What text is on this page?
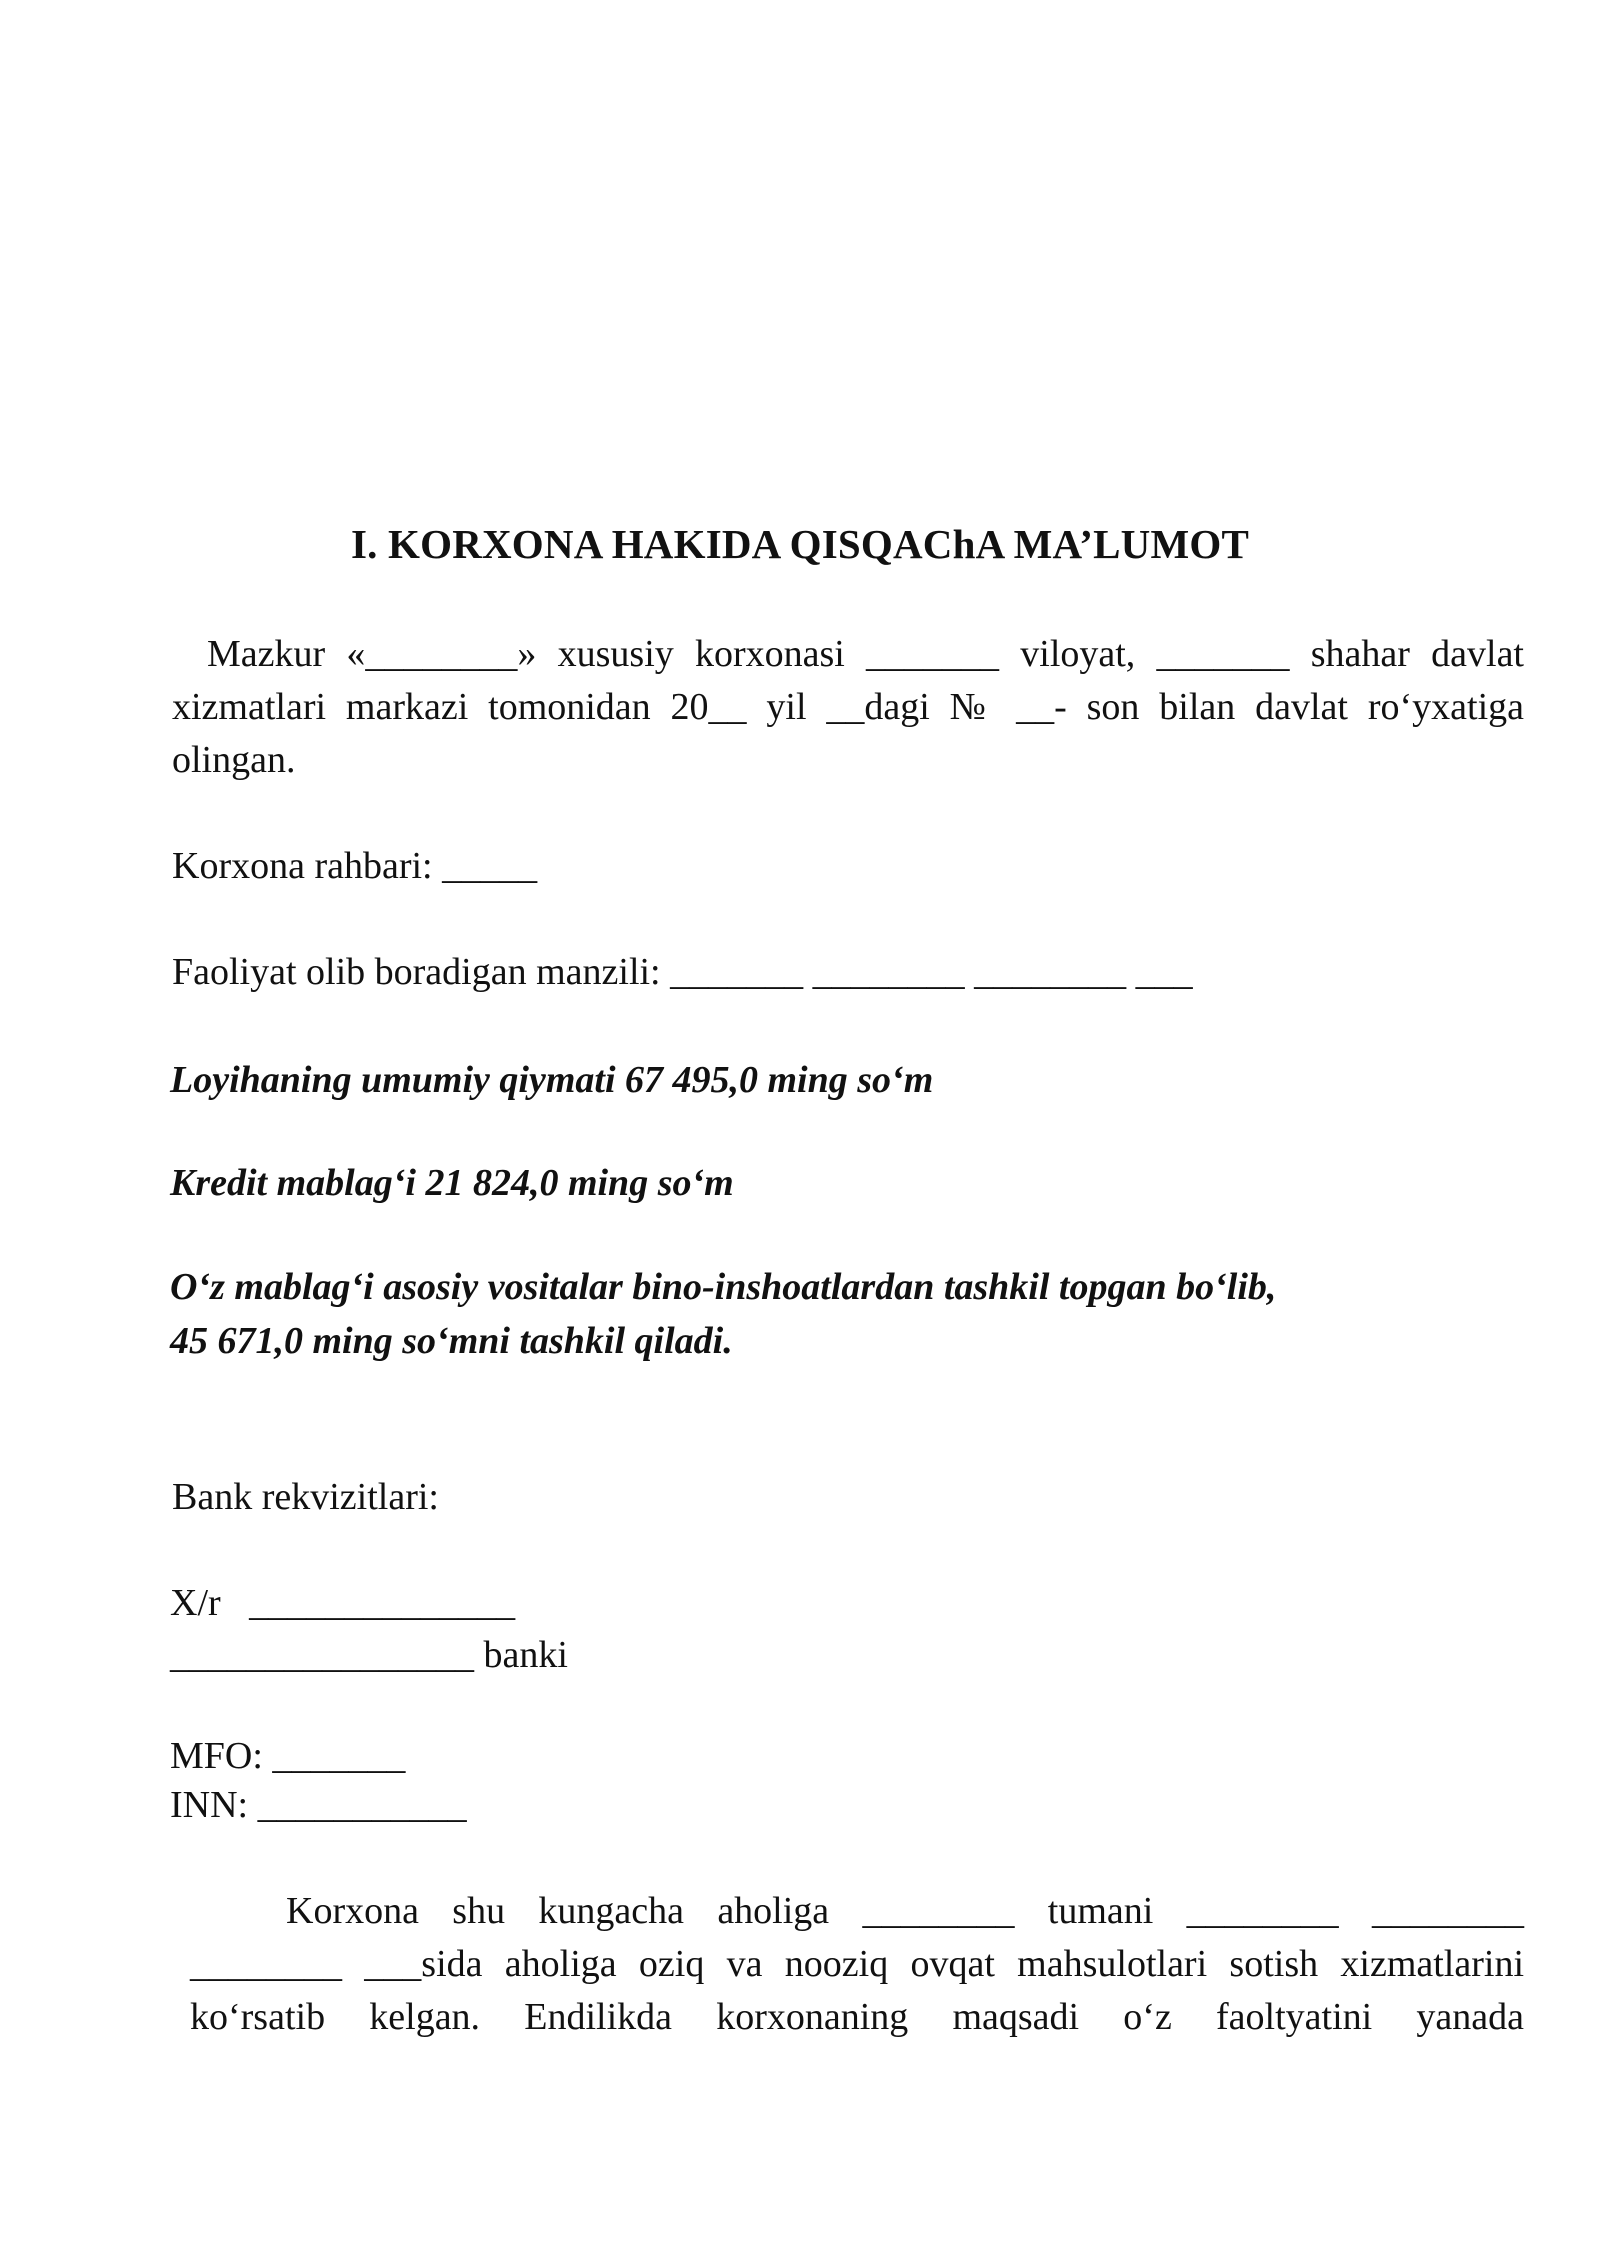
I. KORXONA HAKIDA QISQAChA MA’LUMOT
Mazkur «________» xususiy korxonasi _______ viloyat, _______ shahar davlat
xizmatlari markazi tomonidan 20__ yil __dagi № __- son bilan davlat ro‘yxatiga
olingan.
Korxona rahbari: _____
Faoliyat olib boradigan manzili: _______ ________ ________ ___
Loyihaning umumiy qiymati 67 495,0 ming so‘m
Kredit mablag‘i 21 824,0 ming so‘m
O‘z mablag‘i asosiy vositalar bino-inshoatlardan tashkil topgan bo‘lib,
45 671,0 ming so‘mni tashkil qiladi.
Bank rekvizitlari:
X/r   ______________
________________ banki
MFO: _______
INN: ___________
Korxona shu kungacha aholiga ________ tumani ________ ________
________ ___sida aholiga oziq va nooziq ovqat mahsulotlari sotish xizmatlarini
ko‘rsatib kelgan. Endilikda korxonaning maqsadi o‘z faoltyatini yanada
